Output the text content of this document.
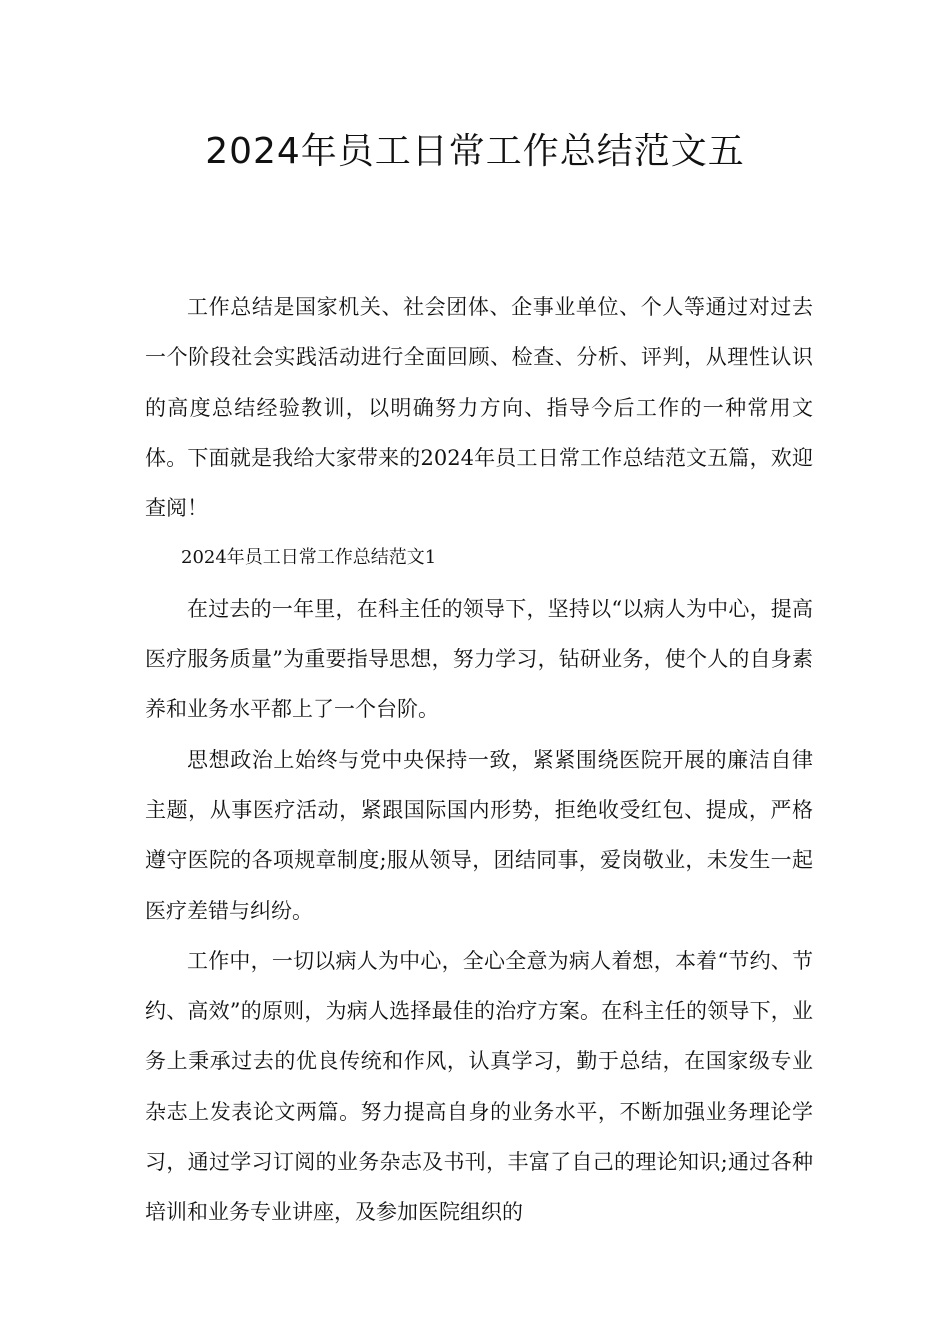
2024年员工日常工作总结范文五

工作总结是国家机关、社会团体、企事业单位、个人等通过对过去一个阶段社会实践活动进行全面回顾、检查、分析、评判，从理性认识的高度总结经验教训，以明确努力方向、指导今后工作的一种常用文体。下面就是我给大家带来的2024年员工日常工作总结范文五篇，欢迎查阅！

2024年员工日常工作总结范文1

在过去的一年里，在科主任的领导下，坚持以“以病人为中心，提高医疗服务质量”为重要指导思想，努力学习，钻研业务，使个人的自身素养和业务水平都上了一个台阶。

思想政治上始终与党中央保持一致，紧紧围绕医院开展的廉洁自律主题，从事医疗活动，紧跟国际国内形势，拒绝收受红包、提成，严格遵守医院的各项规章制度;服从领导，团结同事，爱岗敬业，未发生一起医疗差错与纠纷。

工作中，一切以病人为中心，全心全意为病人着想，本着“节约、节约、高效”的原则，为病人选择最佳的治疗方案。在科主任的领导下，业务上秉承过去的优良传统和作风，认真学习，勤于总结，在国家级专业杂志上发表论文两篇。努力提高自身的业务水平，不断加强业务理论学习，通过学习订阅的业务杂志及书刊，丰富了自己的理论知识;通过各种培训和业务专业讲座，及参加医院组织的
